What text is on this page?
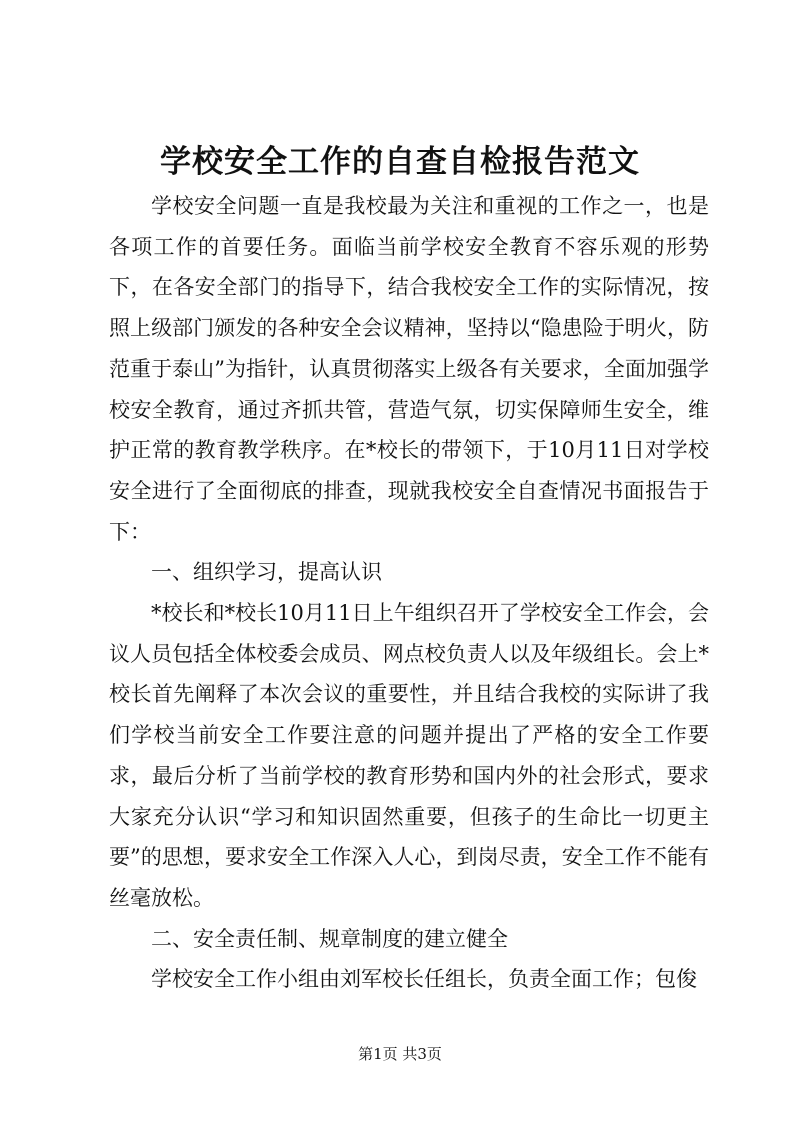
学校安全工作的自查自检报告范文

学校安全问题一直是我校最为关注和重视的工作之一，也是各项工作的首要任务。面临当前学校安全教育不容乐观的形势下，在各安全部门的指导下，结合我校安全工作的实际情况，按照上级部门颁发的各种安全会议精神，坚持以“隐患险于明火，防范重于泰山”为指针，认真贯彻落实上级各有关要求，全面加强学校安全教育，通过齐抓共管，营造气氛，切实保障师生安全，维护正常的教育教学秩序。在*校长的带领下，于10月11日对学校安全进行了全面彻底的排查，现就我校安全自查情况书面报告于下：

一、组织学习，提高认识

*校长和*校长10月11日上午组织召开了学校安全工作会，会议人员包括全体校委会成员、网点校负责人以及年级组长。会上*校长首先阐释了本次会议的重要性，并且结合我校的实际讲了我们学校当前安全工作要注意的问题并提出了严格的安全工作要求，最后分析了当前学校的教育形势和国内外的社会形式，要求大家充分认识“学习和知识固然重要，但孩子的生命比一切更主要”的思想，要求安全工作深入人心，到岗尽责，安全工作不能有丝毫放松。

二、安全责任制、规章制度的建立健全

学校安全工作小组由刘军校长任组长，负责全面工作；包俊

第1页 共3页
